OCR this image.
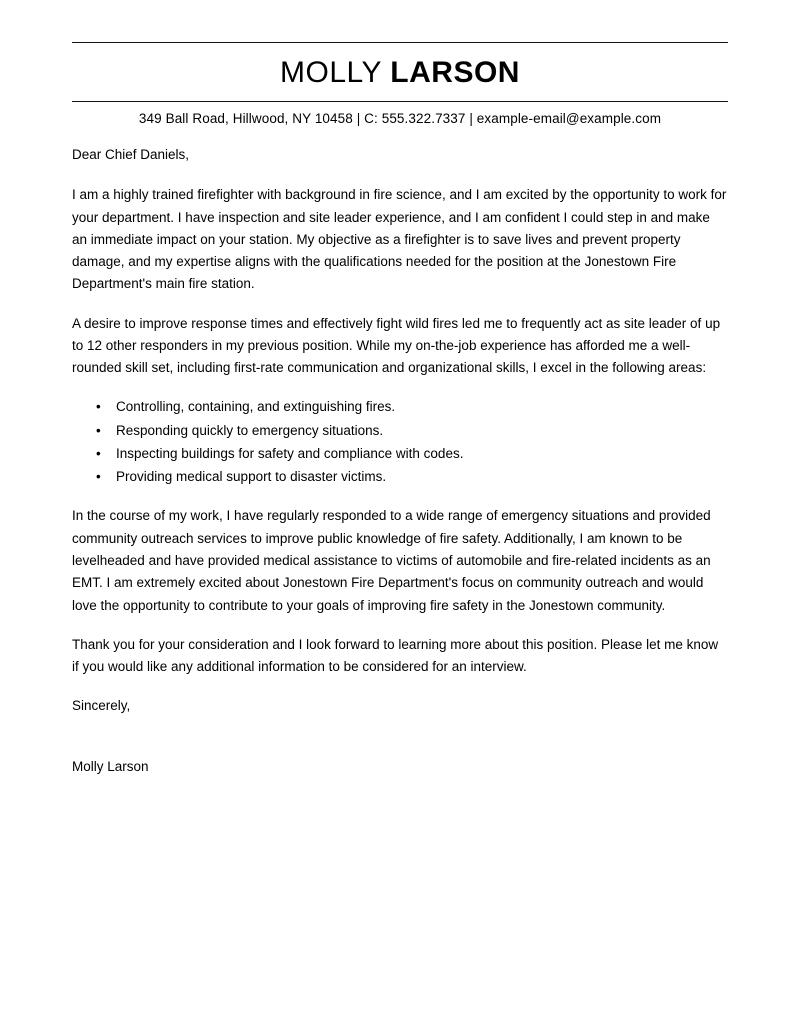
MOLLY LARSON
349 Ball Road, Hillwood, NY 10458 | C: 555.322.7337 | example-email@example.com

Dear Chief Daniels,

I am a highly trained firefighter with background in fire science, and I am excited by the opportunity to work for your department. I have inspection and site leader experience, and I am confident I could step in and make an immediate impact on your station. My objective as a firefighter is to save lives and prevent property damage, and my expertise aligns with the qualifications needed for the position at the Jonestown Fire Department's main fire station.

A desire to improve response times and effectively fight wild fires led me to frequently act as site leader of up to 12 other responders in my previous position. While my on-the-job experience has afforded me a well-rounded skill set, including first-rate communication and organizational skills, I excel in the following areas:

• Controlling, containing, and extinguishing fires.
• Responding quickly to emergency situations.
• Inspecting buildings for safety and compliance with codes.
• Providing medical support to disaster victims.

In the course of my work, I have regularly responded to a wide range of emergency situations and provided community outreach services to improve public knowledge of fire safety. Additionally, I am known to be levelheaded and have provided medical assistance to victims of automobile and fire-related incidents as an EMT. I am extremely excited about Jonestown Fire Department's focus on community outreach and would love the opportunity to contribute to your goals of improving fire safety in the Jonestown community.

Thank you for your consideration and I look forward to learning more about this position. Please let me know if you would like any additional information to be considered for an interview.

Sincerely,

Molly Larson
